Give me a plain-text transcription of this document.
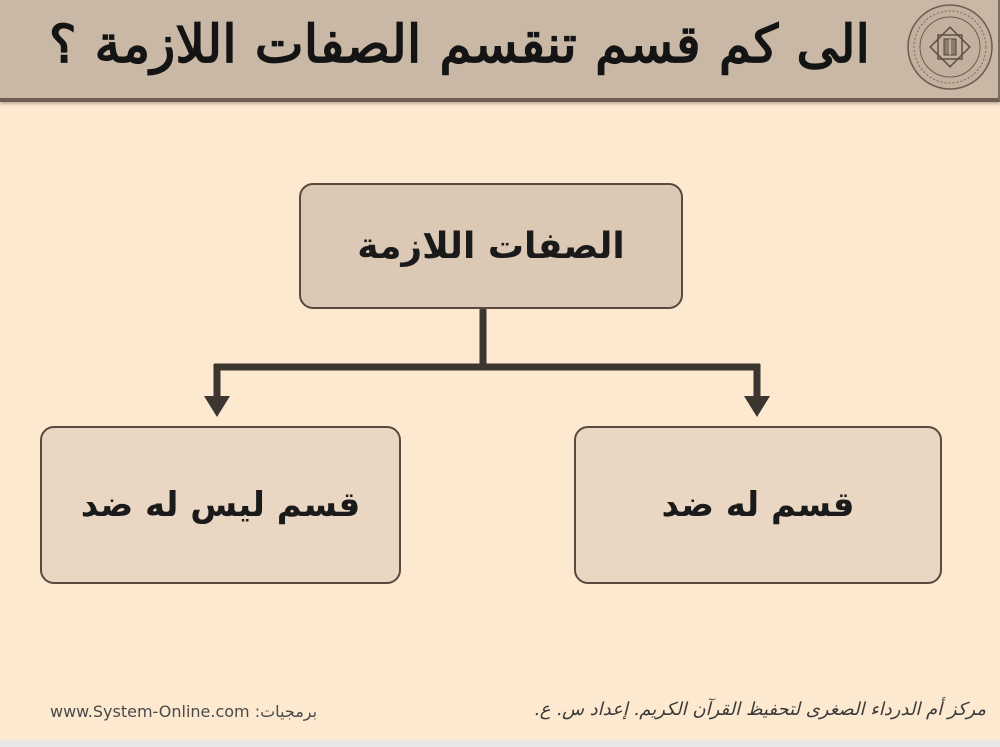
الى كم قسم تنقسم الصفات اللازمة ؟
الصفات اللازمة
قسم له ضد
قسم ليس له ضد
برمجيات: www.System-Online.com	مركز أم الدرداء الصغرى لتحفيظ القرآن الكريم. إعداد س. ع.
